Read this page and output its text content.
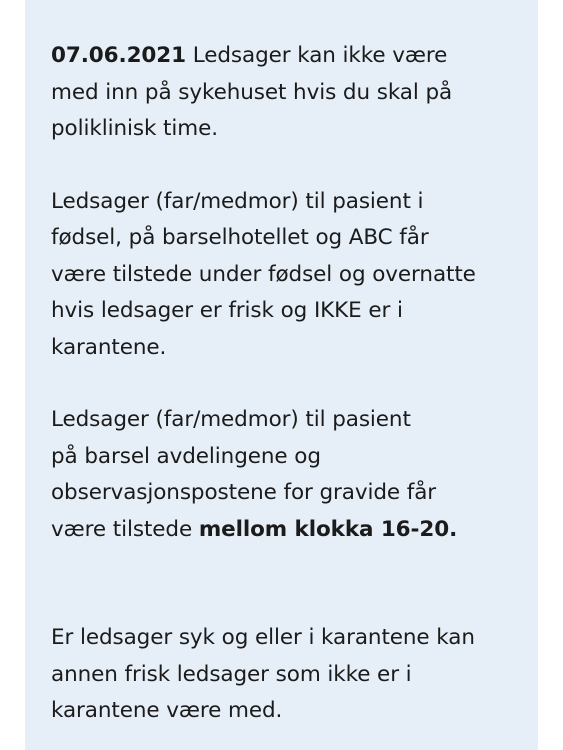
07.06.2021 Ledsager kan ikke være
med inn på sykehuset hvis du skal på
poliklinisk time.

Ledsager (far/medmor) til pasient i
fødsel, på barselhotellet og ABC får
være tilstede under fødsel og overnatte
hvis ledsager er frisk og IKKE er i
karantene.

Ledsager (far/medmor) til pasient
på barsel avdelingene og
observasjonspostene for gravide får
være tilstede mellom klokka 16-20.

Er ledsager syk og eller i karantene kan
annen frisk ledsager som ikke er i
karantene være med.
